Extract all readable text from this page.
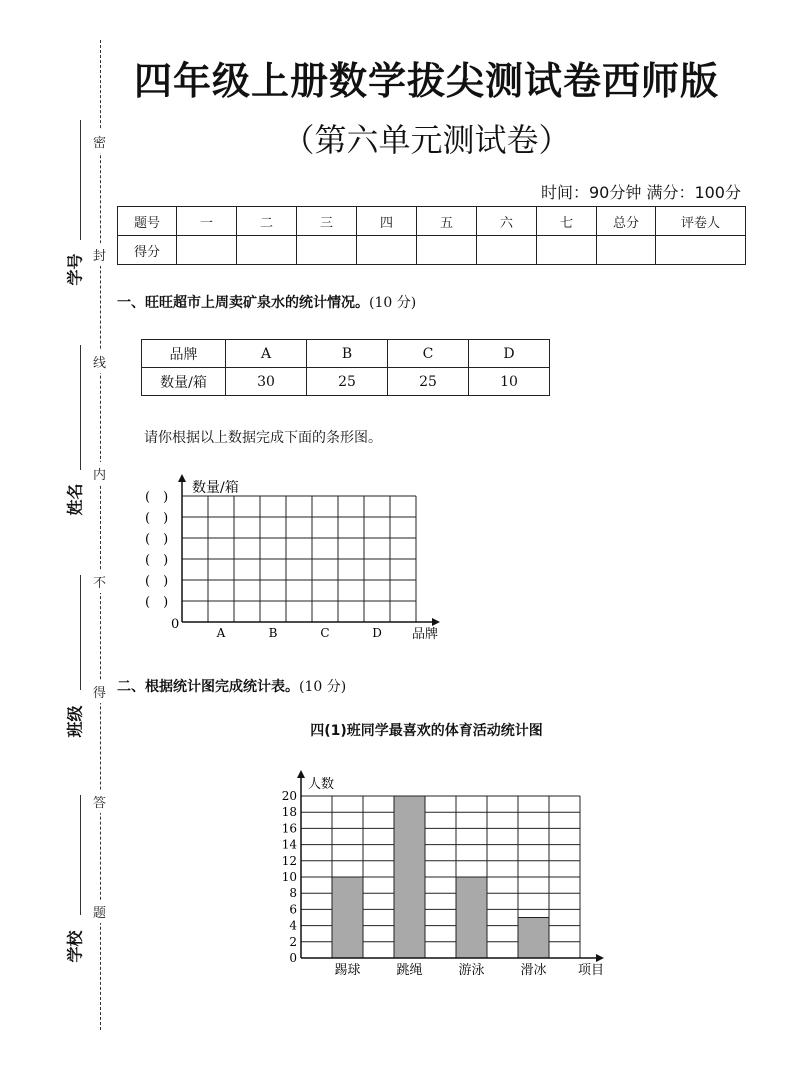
密
封
线
内
不
得
答
题
学号
姓名
班级
学校
四年级上册数学拔尖测试卷西师版
（第六单元测试卷）
时间：90分钟 满分：100分
题号	一	二	三	四	五	六	七	总分	评卷人
得分									
一、旺旺超市上周卖矿泉水的统计情况。(10 分)
品牌	A	B	C	D
数量/箱	30	25	25	10
请你根据以上数据完成下面的条形图。
数量/箱
品牌
0
(　)
(　)
(　)
(　)
(　)
(　)
A	B	C	D
二、根据统计图完成统计表。(10 分)
四(1)班同学最喜欢的体育活动统计图
0
2
4
6
8
10
12
14
16
18
20
踢球	跳绳	游泳	滑冰
人数
项目
